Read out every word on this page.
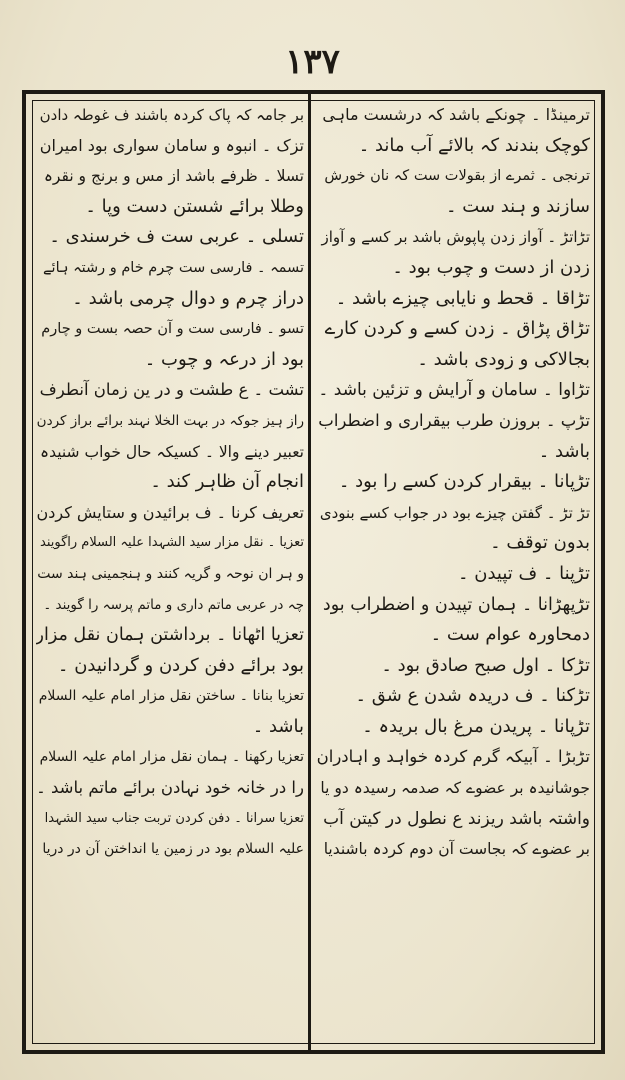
۱۳۷
ترمینڈا ۔ چونکے باشد کہ درشست ماہی
کوچک بندند کہ بالائے آب ماند ۔
ترنجی ۔ ثمرے از بقولات ست کہ نان خورش
سازند و ہند ست ۔
تڑاتڑ ۔ آواز زدن پاپوش باشد بر کسے و آواز
زدن از دست و چوب بود ۔
تڑاقا ۔ قحط و نایابی چیزے باشد ۔
تڑاق پڑاق ۔ زدن کسے و کردن کارے
بجالاکی و زودی باشد ۔
تڑاوا ۔ سامان و آرایش و تزئین باشد ۔
تڑپ ۔ بروزن طرب بیقراری و اضطراب
باشد ۔
تڑپانا ۔ بیقرار کردن کسے را بود ۔
تڑ تڑ ۔ گفتن چیزے بود در جواب کسے بنودی
بدون توقف ۔
تڑپنا ۔ ف تپیدن ۔
تڑپھڑانا ۔ ہمان تپیدن و اضطراب بود
دمحاورہ عوام ست ۔
تڑکا ۔ اول صبح صادق بود ۔
تڑکنا ۔ ف دریدہ شدن ع شق ۔
تڑپانا ۔ پریدن مرغ بال بریدہ ۔
تڑبڑا ۔ آبیکہ گرم کردہ خواہد و اہادران
جوشانیدہ بر عضوے کہ صدمہ رسیدہ دو یا
واشتہ باشد ریزند ع نطول در کیتن آب
بر عضوے کہ بجاست آن دوم کردہ باشندیا
بر جامہ کہ پاک کردہ باشند ف غوطہ دادن
تزک ۔ انبوہ و سامان سواری بود امیران
تسلا ۔ ظرفے باشد از مس و برنج و نقرہ
وطلا برائے شستن دست وپا ۔
تسلی ۔ عربی ست ف خرسندی ۔
تسمہ ۔ فارسی ست چرم خام و رشتہ ہائے
دراز چرم و دوال چرمی باشد ۔
تسو ۔ فارسی ست و آن حصہ بست و چارم
بود از درعہ و چوب ۔
تشت ۔ ع طشت و در ین زمان آنطرف
راز ہیز جوکہ در بہت الخلا نہند برائے براز کردن
تعبیر دینے والا ۔ کسیکہ حال خواب شنیدہ
انجام آن ظاہر کند ۔
تعریف کرنا ۔ ف برائیدن و ستایش کردن
تعزیا ۔ نقل مزار سید الشہدا علیہ السلام راگویند
و ہر ان نوحہ و گریہ کنند و ہنجمینی ہند ست
چہ در عربی ماتم داری و ماتم پرسہ را گویند ۔
تعزیا اٹھانا ۔ برداشتن ہمان نقل مزار
بود برائے دفن کردن و گردانیدن ۔
تعزیا بنانا ۔ ساختن نقل مزار امام علیہ السلام
باشد ۔
تعزیا رکھنا ۔ ہمان نقل مزار امام علیہ السلام
را در خانہ خود نہادن برائے ماتم باشد ۔
تعزیا سرانا ۔ دفن کردن تربت جناب سید الشہدا
علیہ السلام بود در زمین یا انداختن آن در دریا
